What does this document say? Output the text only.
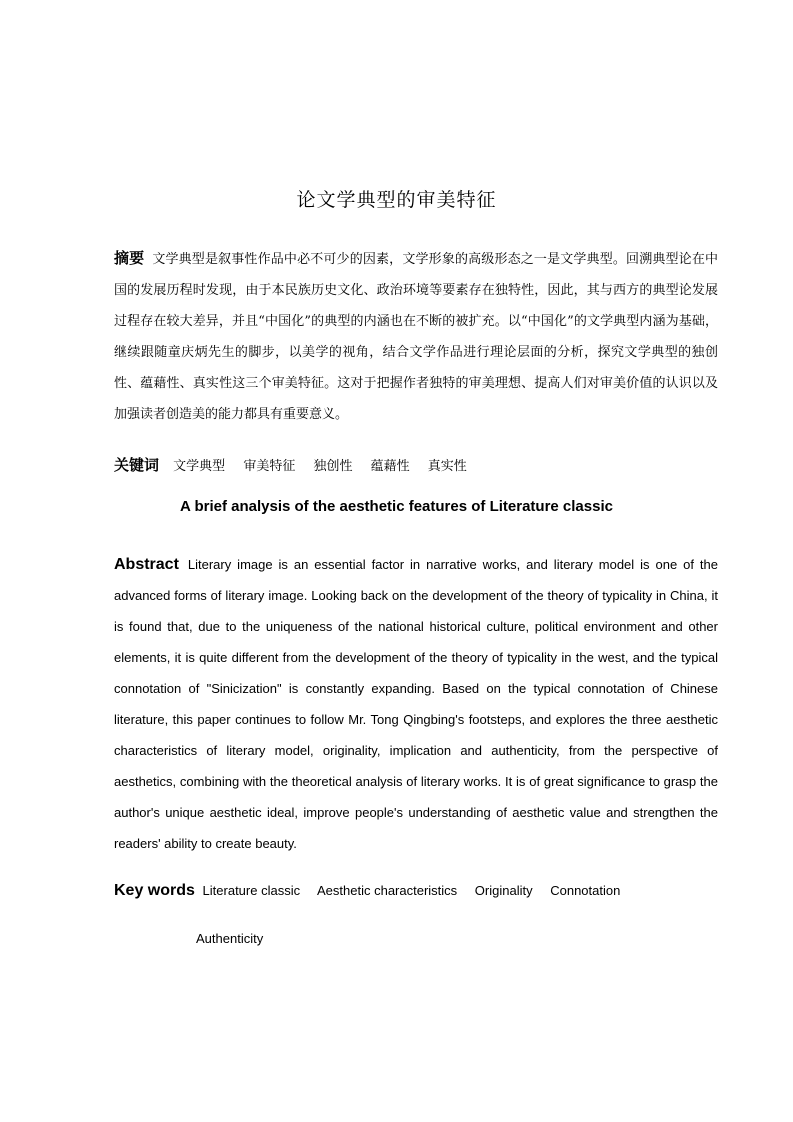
论文学典型的审美特征
摘要 文学典型是叙事性作品中必不可少的因素，文学形象的高级形态之一是文学典型。回溯典型论在中国的发展历程时发现，由于本民族历史文化、政治环境等要素存在独特性，因此，其与西方的典型论发展过程存在较大差异，并且“中国化”的典型的内涵也在不断的被扩充。以“中国化”的文学典型内涵为基础，继续跟随童庆炳先生的脚步，以美学的视角，结合文学作品进行理论层面的分析，探究文学典型的独创性、蕴藉性、真实性这三个审美特征。这对于把握作者独特的审美理想、提高人们对审美价值的认识以及加强读者创造美的能力都具有重要意义。
关键词 文学典型 审美特征 独创性 蕴藉性 真实性
A brief analysis of the aesthetic features of Literature classic
Abstract Literary image is an essential factor in narrative works, and literary model is one of the advanced forms of literary image. Looking back on the development of the theory of typicality in China, it is found that, due to the uniqueness of the national historical culture, political environment and other elements, it is quite different from the development of the theory of typicality in the west, and the typical connotation of "Sinicization" is constantly expanding. Based on the typical connotation of Chinese literature, this paper continues to follow Mr. Tong Qingbing's footsteps, and explores the three aesthetic characteristics of literary model, originality, implication and authenticity, from the perspective of aesthetics, combining with the theoretical analysis of literary works. It is of great significance to grasp the author's unique aesthetic ideal, improve people's understanding of aesthetic value and strengthen the readers' ability to create beauty.
Key words Literature classic Aesthetic characteristics Originality Connotation
Authenticity
